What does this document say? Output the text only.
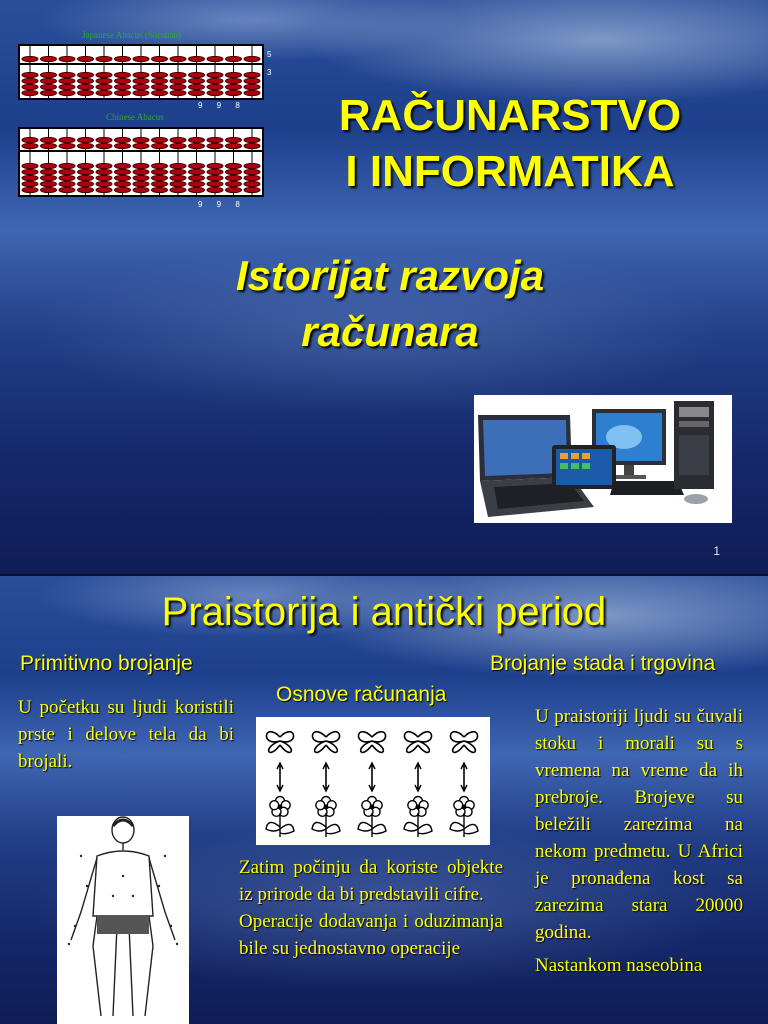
Japanese Abacus (Soroban)
5
3
9 9 8
Chinese Abacus
9 9 8
RAČUNARSTVO
I INFORMATIKA
Istorijat razvoja
računara
1
Praistorija i antički period
Primitivno brojanje

U početku su ljudi koristili prste i delove tela da bi brojali.

Osnove računanja

Zatim počinju da koriste objekte iz prirode da bi predstavili cifre.

Operacije dodavanja i oduzimanja bile su jednostavno operacije

Brojanje stada i trgovina

U praistoriji ljudi su čuvali stoku i morali su s vremena na vreme da ih prebroje. Brojeve su beležili zarezima na nekom predmetu. U Africi je pronađena kost sa zarezima stara 20000 godina.

Nastankom naseobina
